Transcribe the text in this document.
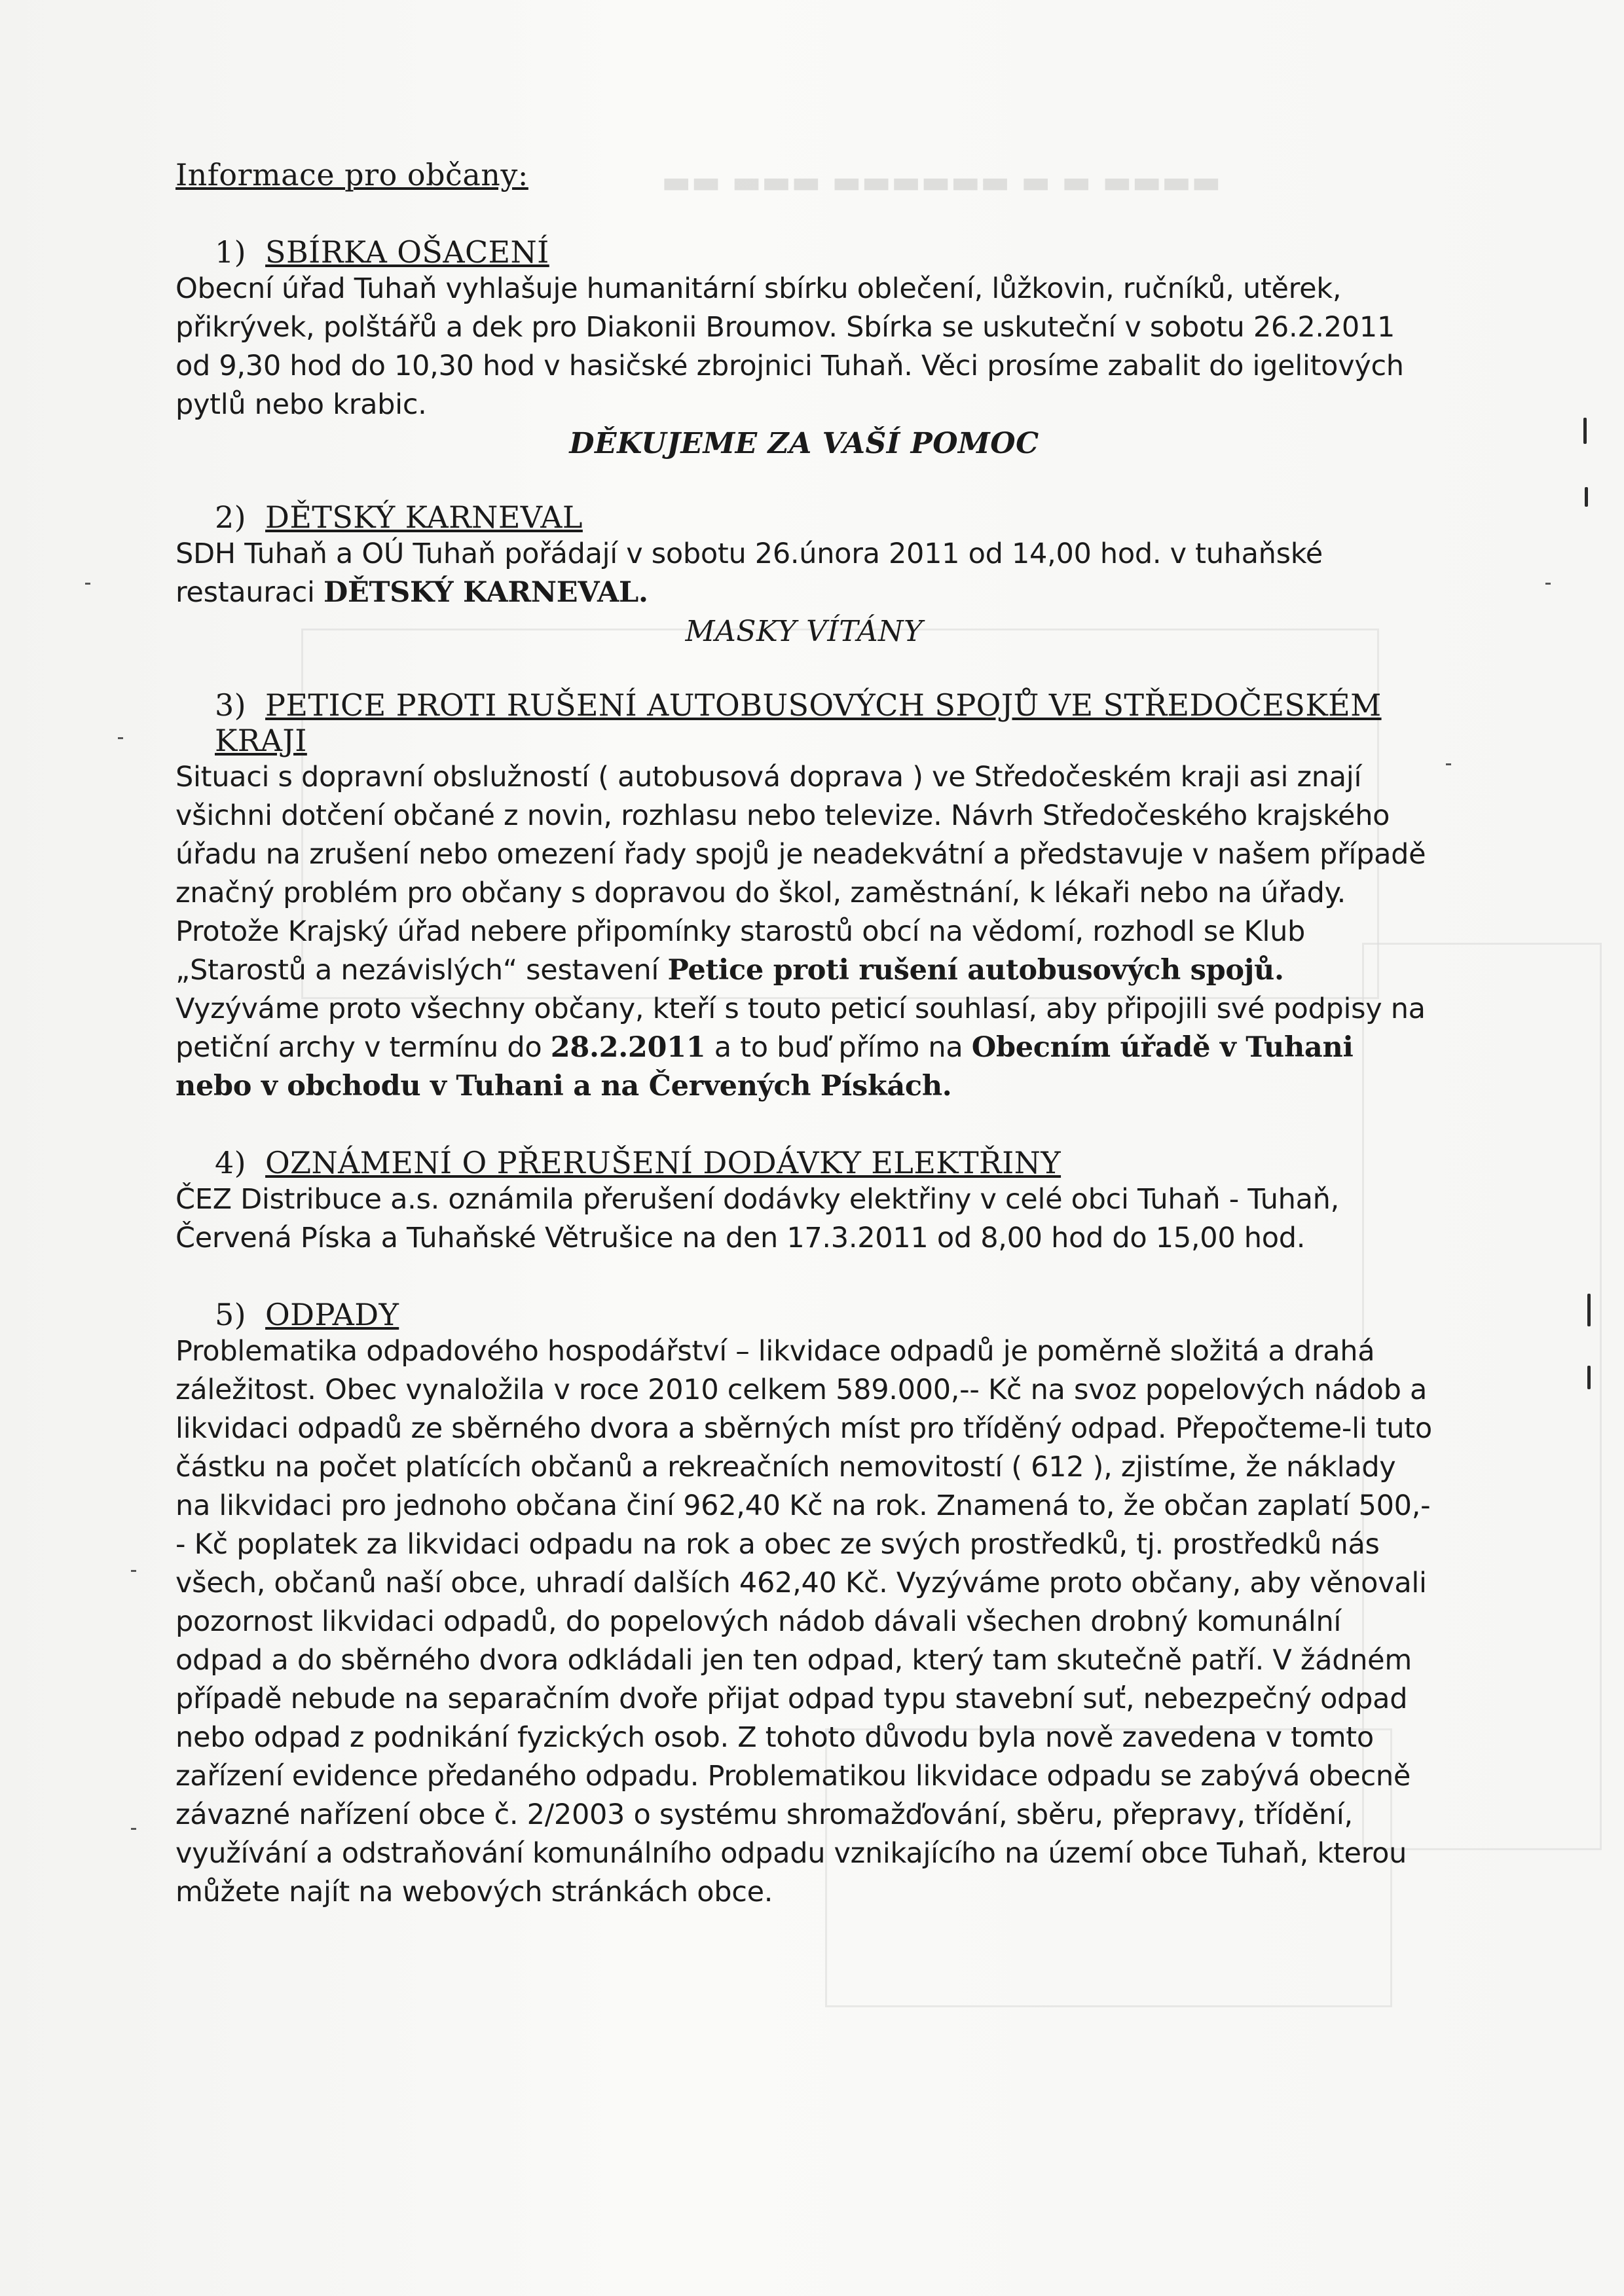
▬▬▬▬ ▬ ▬ ▬▬▬▬▬▬ ▬▬▬ ▬▬

Informace pro občany:

1) SBÍRKA OŠACENÍ

Obecní úřad Tuhaň vyhlašuje humanitární sbírku oblečení, lůžkovin, ručníků, utěrek, přikrývek, polštářů a dek pro Diakonii Broumov. Sbírka se uskuteční v sobotu 26.2.2011 od 9,30 hod do 10,30 hod v hasičské zbrojnici Tuhaň. Věci prosíme zabalit do igelitových pytlů nebo krabic.

DĚKUJEME ZA VAŠÍ POMOC

2) DĚTSKÝ KARNEVAL

SDH Tuhaň a OÚ Tuhaň pořádají v sobotu 26.února 2011 od 14,00 hod. v tuhaňské restauraci DĚTSKÝ KARNEVAL.

MASKY VÍTÁNY

3) PETICE PROTI RUŠENÍ AUTOBUSOVÝCH SPOJŮ VE STŘEDOČESKÉM KRAJI

Situaci s dopravní obslužností ( autobusová doprava ) ve Středočeském kraji asi znají všichni dotčení občané z novin, rozhlasu nebo televize. Návrh Středočeského krajského úřadu na zrušení nebo omezení řady spojů je neadekvátní a představuje v našem případě značný problém pro občany s dopravou do škol, zaměstnání, k lékaři nebo na úřady. Protože Krajský úřad nebere připomínky starostů obcí na vědomí, rozhodl se Klub „Starostů a nezávislých“ sestavení Petice proti rušení autobusových spojů. Vyzýváme proto všechny občany, kteří s touto peticí souhlasí, aby připojili své podpisy na petiční archy v termínu do 28.2.2011 a to buď přímo na Obecním úřadě v Tuhani nebo v obchodu v Tuhani a na Červených Pískách.

4) OZNÁMENÍ O PŘERUŠENÍ DODÁVKY ELEKTŘINY

ČEZ Distribuce a.s. oznámila přerušení dodávky elektřiny v celé obci Tuhaň - Tuhaň, Červená Píska a Tuhaňské Větrušice na den 17.3.2011 od 8,00 hod do 15,00 hod.

5) ODPADY

Problematika odpadového hospodářství – likvidace odpadů je poměrně složitá a drahá záležitost. Obec vynaložila v roce 2010 celkem 589.000,-- Kč na svoz popelových nádob a likvidaci odpadů ze sběrného dvora a sběrných míst pro tříděný odpad. Přepočteme-li tuto částku na počet platících občanů a rekreačních nemovitostí ( 612 ), zjistíme, že náklady na likvidaci pro jednoho občana činí 962,40 Kč na rok. Znamená to, že občan zaplatí 500,-- Kč poplatek za likvidaci odpadu na rok a obec ze svých prostředků, tj. prostředků nás všech, občanů naší obce, uhradí dalších 462,40 Kč. Vyzýváme proto občany, aby věnovali pozornost likvidaci odpadů, do popelových nádob dávali všechen drobný komunální odpad a do sběrného dvora odkládali jen ten odpad, který tam skutečně patří. V žádném případě nebude na separačním dvoře přijat odpad typu stavební suť, nebezpečný odpad nebo odpad z podnikání fyzických osob. Z tohoto důvodu byla nově zavedena v tomto zařízení evidence předaného odpadu. Problematikou likvidace odpadu se zabývá obecně závazné nařízení obce č. 2/2003 o systému shromažďování, sběru, přepravy, třídění, využívání a odstraňování komunálního odpadu vznikajícího na území obce Tuhaň, kterou můžete najít na webových stránkách obce.
